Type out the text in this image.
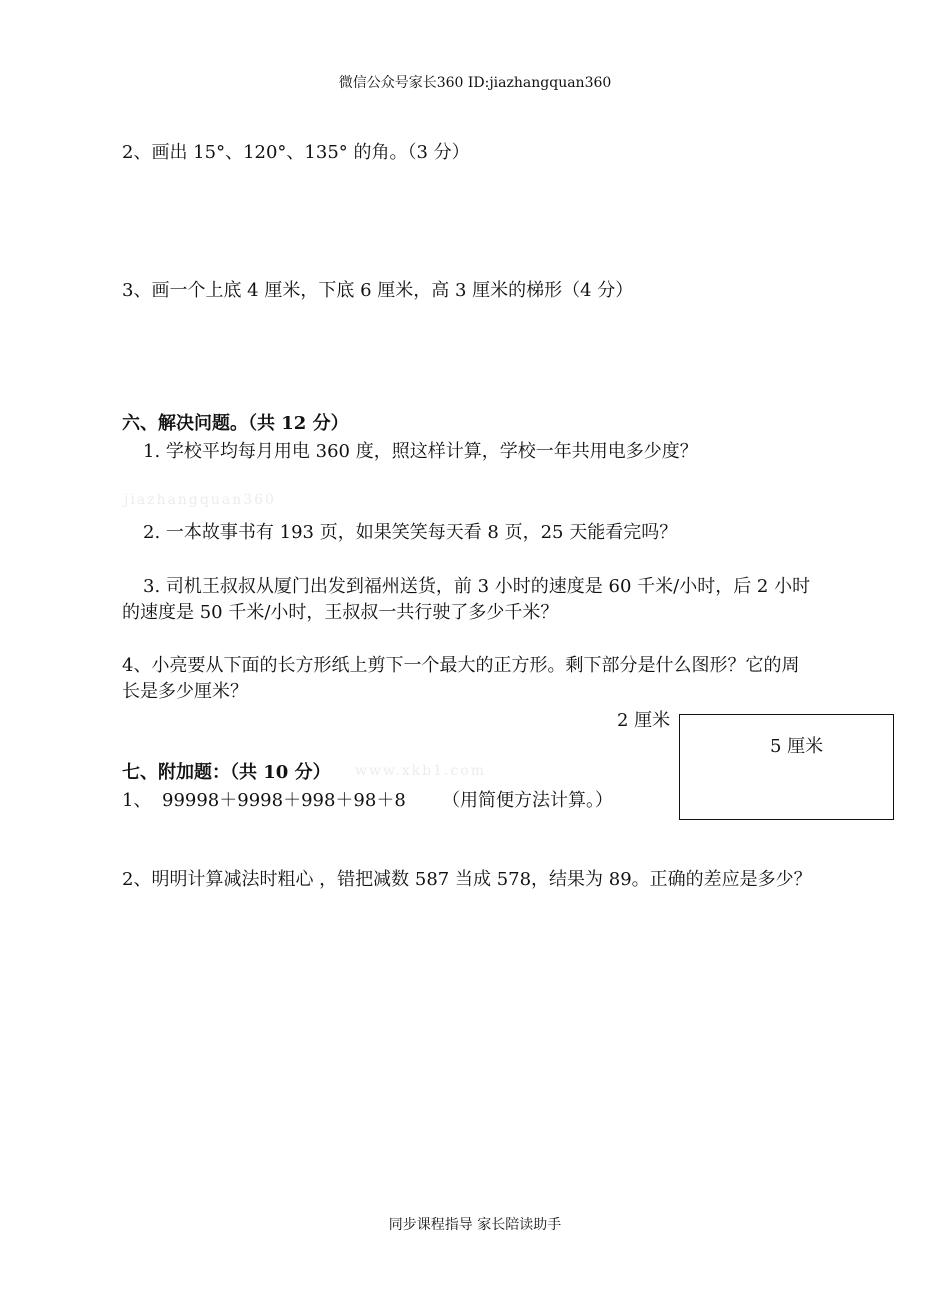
微信公众号家长360 ID:jiazhangquan360
2、画出 15°、120°、135° 的角。（3 分）
3、画一个上底 4 厘米，下底 6 厘米，高 3 厘米的梯形（4 分）
六、解决问题。（共 12 分）
1. 学校平均每月用电 360 度，照这样计算，学校一年共用电多少度？
jiazhangquan360
2. 一本故事书有 193 页，如果笑笑每天看 8 页，25 天能看完吗？
3. 司机王叔叔从厦门出发到福州送货，前 3 小时的速度是 60 千米/小时，后 2 小时
的速度是 50 千米/小时，王叔叔一共行驶了多少千米？
4、小亮要从下面的长方形纸上剪下一个最大的正方形。剩下部分是什么图形？它的周
长是多少厘米？
2 厘米
5 厘米
七、附加题：（共 10 分） www.xkb1.com
1、 99998＋9998＋998＋98＋8 （用简便方法计算。）
2、明明计算减法时粗心 ，错把减数 587 当成 578，结果为 89。正确的差应是多少？
同步课程指导 家长陪读助手
